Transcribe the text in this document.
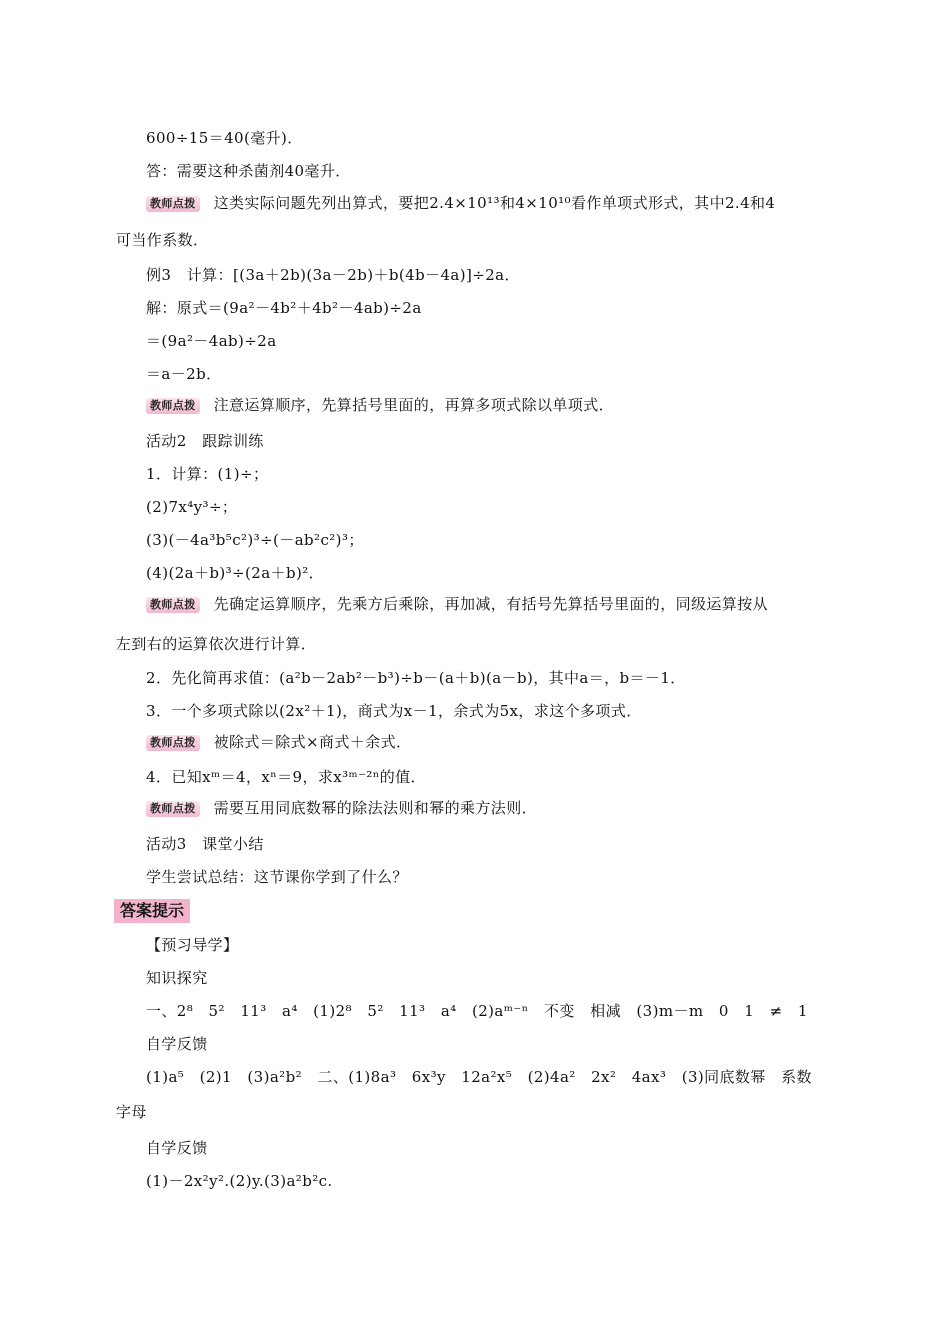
600÷15＝40(毫升)．
答：需要这种杀菌剂40毫升．
教师点拨 这类实际问题先列出算式，要把2.4×10¹³和4×10¹⁰看作单项式形式，其中2.4和4
可当作系数．
例3　计算：[(3a＋2b)(3a－2b)＋b(4b－4a)]÷2a．
解：原式＝(9a²－4b²＋4b²－4ab)÷2a
＝(9a²－4ab)÷2a
＝a－2b．
教师点拨 注意运算顺序，先算括号里面的，再算多项式除以单项式．
活动2　跟踪训练
1．计算：(1)÷；
(2)7x⁴y³÷；
(3)(－4a³b⁵c²)³÷(－ab²c²)³；
(4)(2a＋b)³÷(2a＋b)²．
教师点拨 先确定运算顺序，先乘方后乘除，再加减，有括号先算括号里面的，同级运算按从
左到右的运算依次进行计算．
2．先化简再求值：(a²b－2ab²－b³)÷b－(a＋b)(a－b)，其中a＝，b＝－1．
3．一个多项式除以(2x²＋1)，商式为x－1，余式为5x，求这个多项式．
教师点拨 被除式＝除式×商式＋余式．
4．已知xᵐ＝4，xⁿ＝9，求x³ᵐ⁻²ⁿ的值．
教师点拨 需要互用同底数幂的除法法则和幂的乘方法则．
活动3　课堂小结
学生尝试总结：这节课你学到了什么？
答案提示
【预习导学】
知识探究
一、2⁸　5²　11³　a⁴　(1)2⁸　5²　11³　a⁴　(2)aᵐ⁻ⁿ　不变　相减　(3)m－m　0　1　≠　1
自学反馈
(1)a⁵　(2)1　(3)a²b²　二、(1)8a³　6x³y　12a²x⁵　(2)4a²　2x²　4ax³　(3)同底数幂　系数
字母
自学反馈
(1)－2x²y².(2)y.(3)a²b²c.
